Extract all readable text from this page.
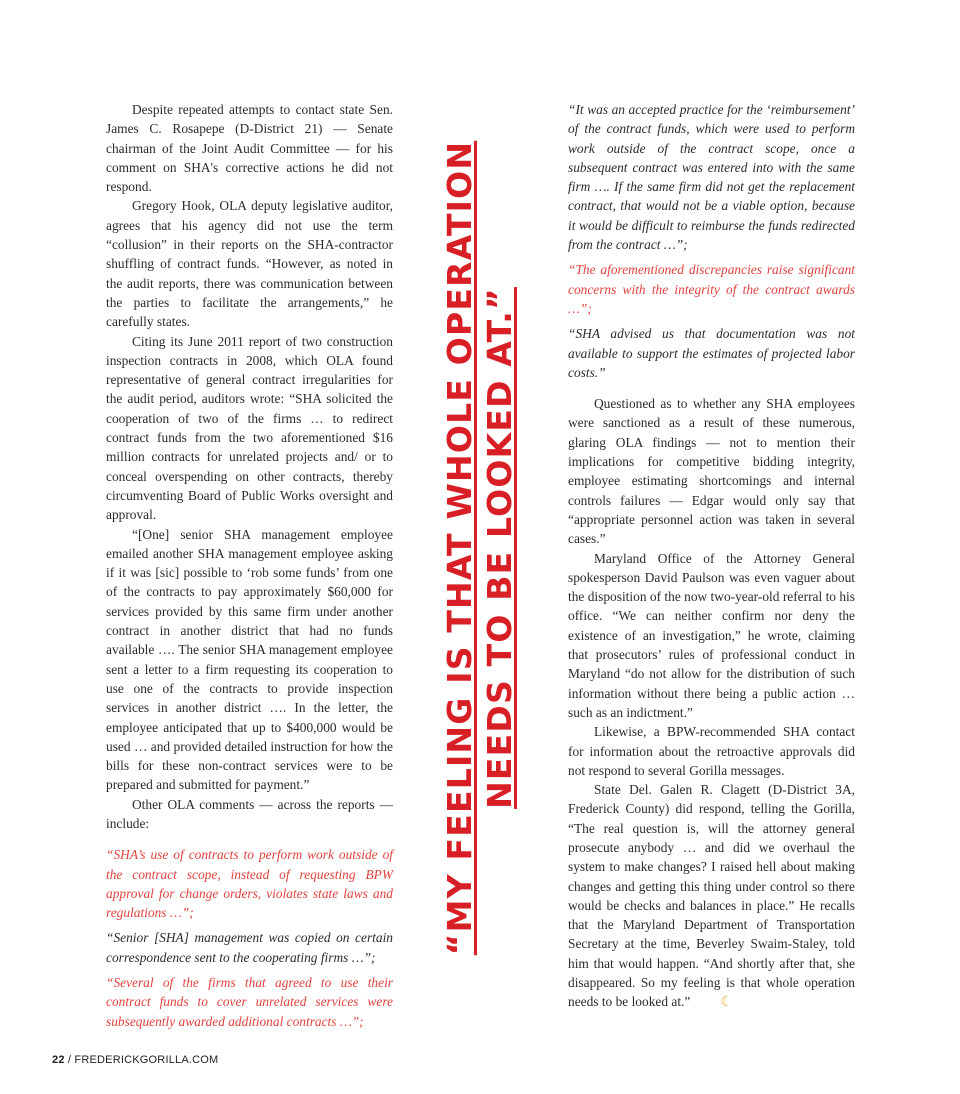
Despite repeated attempts to contact state Sen. James C. Rosapepe (D-District 21) — Senate chairman of the Joint Audit Committee — for his comment on SHA's corrective actions he did not respond.

Gregory Hook, OLA deputy legislative auditor, agrees that his agency did not use the term “collusion” in their reports on the SHA-contractor shuffling of contract funds. “However, as noted in the audit reports, there was communication between the parties to facilitate the arrangements,” he carefully states.

Citing its June 2011 report of two construction inspection contracts in 2008, which OLA found representative of general contract irregularities for the audit period, auditors wrote: “SHA solicited the cooperation of two of the firms … to redirect contract funds from the two aforementioned $16 million contracts for unrelated projects and/ or to conceal overspending on other contracts, thereby circumventing Board of Public Works oversight and approval.

“[One] senior SHA management employee emailed another SHA management employee asking if it was [sic] possible to ‘rob some funds’ from one of the contracts to pay approximately $60,000 for services provided by this same firm under another contract in another district that had no funds available …. The senior SHA management employee sent a letter to a firm requesting its cooperation to use one of the contracts to provide inspection services in another district …. In the letter, the employee anticipated that up to $400,000 would be used … and provided detailed instruction for how the bills for these non-contract services were to be prepared and submitted for payment.”

Other OLA comments — across the reports — include:

“SHA’s use of contracts to perform work outside of the contract scope, instead of requesting BPW approval for change orders, violates state laws and regulations …”;

“Senior [SHA] management was copied on certain correspondence sent to the cooperating firms …”;

“Several of the firms that agreed to use their contract funds to cover unrelated services were subsequently awarded additional contracts …”;

“MY FEELING IS THAT WHOLE OPERATION NEEDS TO BE LOOKED AT.”

“It was an accepted practice for the ‘reimbursement’ of the contract funds, which were used to perform work outside of the contract scope, once a subsequent contract was entered into with the same firm …. If the same firm did not get the replacement contract, that would not be a viable option, because it would be difficult to reimburse the funds redirected from the contract …”;

“The aforementioned discrepancies raise significant concerns with the integrity of the contract awards …”;

“SHA advised us that documentation was not available to support the estimates of projected labor costs.”

Questioned as to whether any SHA employees were sanctioned as a result of these numerous, glaring OLA findings — not to mention their implications for competitive bidding integrity, employee estimating shortcomings and internal controls failures — Edgar would only say that “appropriate personnel action was taken in several cases.”

Maryland Office of the Attorney General spokesperson David Paulson was even vaguer about the disposition of the now two-year-old referral to his office. “We can neither confirm nor deny the existence of an investigation,” he wrote, claiming that prosecutors’ rules of professional conduct in Maryland “do not allow for the distribution of such information without there being a public action … such as an indictment.”

Likewise, a BPW-recommended SHA contact for information about the retroactive approvals did not respond to several Gorilla messages.

State Del. Galen R. Clagett (D-District 3A, Frederick County) did respond, telling the Gorilla, “The real question is, will the attorney general prosecute anybody … and did we overhaul the system to make changes? I raised hell about making changes and getting this thing under control so there would be checks and balances in place.” He recalls that the Maryland Department of Transportation Secretary at the time, Beverley Swaim-Staley, told him that would happen. “And shortly after that, she disappeared. So my feeling is that whole operation needs to be looked at.” ☾

22 / FREDERICKGORILLA.COM
